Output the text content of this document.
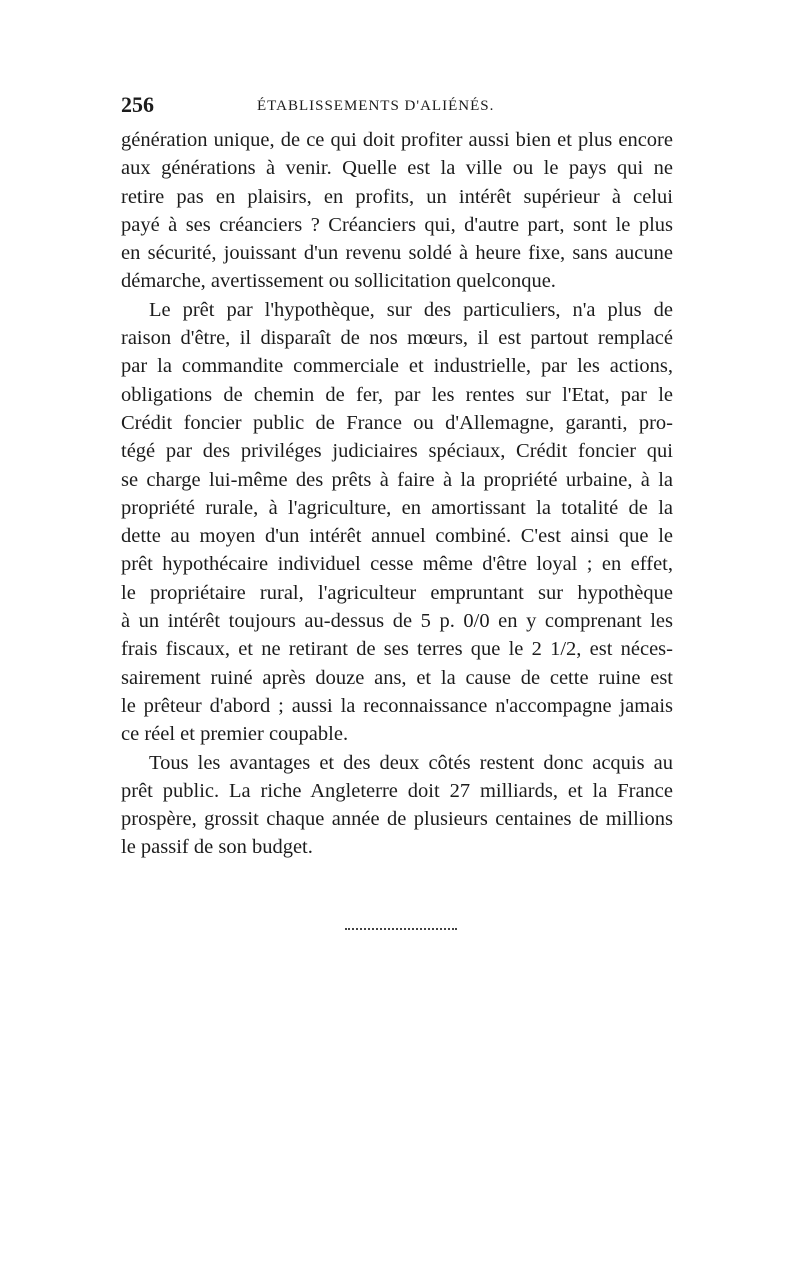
256	ÉTABLISSEMENTS D'ALIÉNÉS.
génération unique, de ce qui doit profiter aussi bien et plus encore
aux générations à venir. Quelle est la ville ou le pays qui ne
retire pas en plaisirs, en profits, un intérêt supérieur à celui
payé à ses créanciers ? Créanciers qui, d'autre part, sont le plus
en sécurité, jouissant d'un revenu soldé à heure fixe, sans aucune
démarche, avertissement ou sollicitation quelconque.
Le prêt par l'hypothèque, sur des particuliers, n'a plus de
raison d'être, il disparaît de nos mœurs, il est partout remplacé
par la commandite commerciale et industrielle, par les actions,
obligations de chemin de fer, par les rentes sur l'Etat, par le
Crédit foncier public de France ou d'Allemagne, garanti, pro-
tégé par des priviléges judiciaires spéciaux, Crédit foncier qui
se charge lui-même des prêts à faire à la propriété urbaine, à la
propriété rurale, à l'agriculture, en amortissant la totalité de la
dette au moyen d'un intérêt annuel combiné. C'est ainsi que le
prêt hypothécaire individuel cesse même d'être loyal ; en effet,
le propriétaire rural, l'agriculteur empruntant sur hypothèque
à un intérêt toujours au-dessus de 5 p. 0/0 en y comprenant les
frais fiscaux, et ne retirant de ses terres que le 2 1/2, est néces-
sairement ruiné après douze ans, et la cause de cette ruine est
le prêteur d'abord ; aussi la reconnaissance n'accompagne jamais
ce réel et premier coupable.
Tous les avantages et des deux côtés restent donc acquis au
prêt public. La riche Angleterre doit 27 milliards, et la France
prospère, grossit chaque année de plusieurs centaines de millions
le passif de son budget.
